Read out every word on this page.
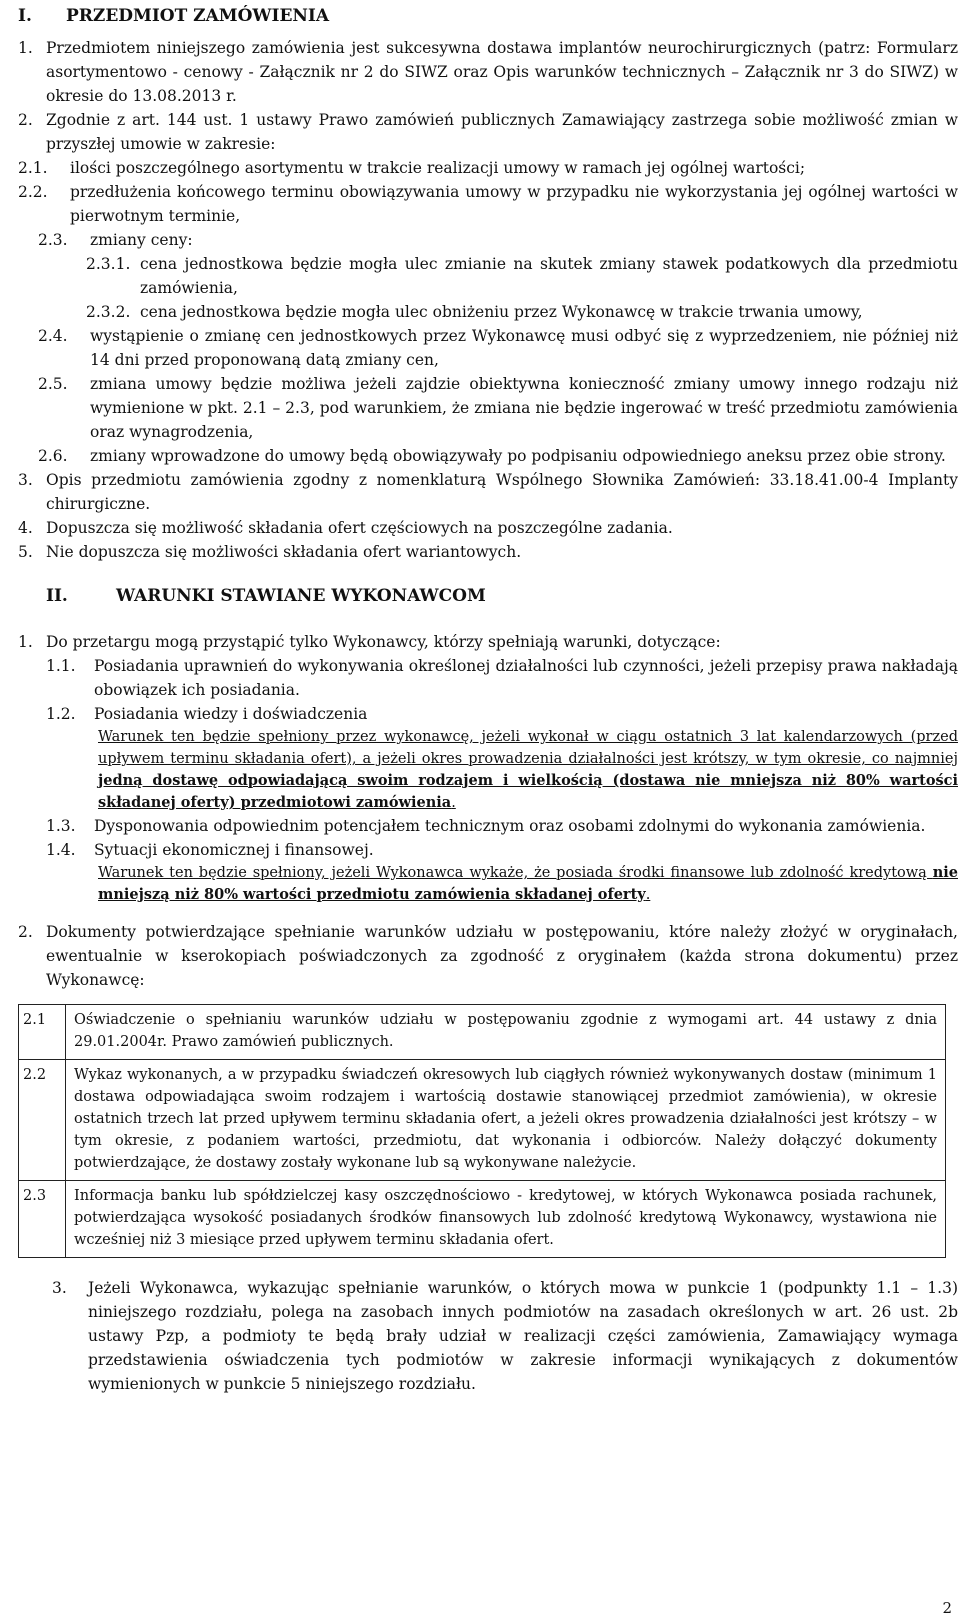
I. PRZEDMIOT ZAMÓWIENIA
1. Przedmiotem niniejszego zamówienia jest sukcesywna dostawa implantów neurochirurgicznych (patrz: Formularz asortymentowo - cenowy - Załącznik nr 2 do SIWZ oraz Opis warunków technicznych – Załącznik nr 3 do SIWZ) w okresie do 13.08.2013 r.
2. Zgodnie z art. 144 ust. 1 ustawy Prawo zamówień publicznych Zamawiający zastrzega sobie możliwość zmian w przyszłej umowie w zakresie:
2.1.	ilości poszczególnego asortymentu w trakcie realizacji umowy w ramach jej ogólnej wartości;
2.2.	przedłużenia końcowego terminu obowiązywania umowy w przypadku nie wykorzystania jej ogólnej wartości w pierwotnym terminie,
2.3.	zmiany ceny:
2.3.1. cena jednostkowa będzie mogła ulec zmianie na skutek zmiany stawek podatkowych dla przedmiotu zamówienia,
2.3.2. cena jednostkowa będzie mogła ulec obniżeniu przez Wykonawcę w trakcie trwania umowy,
2.4.	wystąpienie o zmianę cen jednostkowych przez Wykonawcę musi odbyć się z wyprzedzeniem, nie później niż 14 dni przed proponowaną datą zmiany cen,
2.5.	zmiana umowy będzie możliwa jeżeli zajdzie obiektywna konieczność zmiany umowy innego rodzaju niż wymienione w pkt. 2.1 – 2.3, pod warunkiem, że zmiana nie będzie ingerować w treść przedmiotu zamówienia oraz wynagrodzenia,
2.6.	zmiany wprowadzone do umowy będą obowiązywały po podpisaniu odpowiedniego aneksu przez obie strony.
3. Opis przedmiotu zamówienia zgodny z nomenklaturą Wspólnego Słownika Zamówień: 33.18.41.00-4 Implanty chirurgiczne.
4. Dopuszcza się możliwość składania ofert częściowych na poszczególne zadania.
5. Nie dopuszcza się możliwości składania ofert wariantowych.
II.	WARUNKI STAWIANE WYKONAWCOM
1. Do przetargu mogą przystąpić tylko Wykonawcy, którzy spełniają warunki, dotyczące:
1.1.	Posiadania uprawnień do wykonywania określonej działalności lub czynności, jeżeli przepisy prawa nakładają obowiązek ich posiadania.
1.2.	Posiadania wiedzy i doświadczenia
Warunek ten będzie spełniony przez wykonawcę, jeżeli wykonał w ciągu ostatnich 3 lat kalendarzowych (przed upływem terminu składania ofert), a jeżeli okres prowadzenia działalności jest krótszy, w tym okresie, co najmniej jedną dostawę odpowiadającą swoim rodzajem i wielkością (dostawa nie mniejsza niż 80% wartości składanej oferty) przedmiotowi zamówienia.
1.3.	Dysponowania odpowiednim potencjałem technicznym oraz osobami zdolnymi do wykonania zamówienia.
1.4.	Sytuacji ekonomicznej i finansowej.
Warunek ten będzie spełniony, jeżeli Wykonawca wykaże, że posiada środki finansowe lub zdolność kredytową nie mniejszą niż 80% wartości przedmiotu zamówienia składanej oferty.
2. Dokumenty potwierdzające spełnianie warunków udziału w postępowaniu, które należy złożyć w oryginałach, ewentualnie w kserokopiach poświadczonych za zgodność z oryginałem (każda strona dokumentu) przez Wykonawcę:
2.1	Oświadczenie o spełnianiu warunków udziału w postępowaniu zgodnie z wymogami art. 44 ustawy z dnia 29.01.2004r. Prawo zamówień publicznych.
2.2	Wykaz wykonanych, a w przypadku świadczeń okresowych lub ciągłych również wykonywanych dostaw (minimum 1 dostawa odpowiadająca swoim rodzajem i wartością dostawie stanowiącej przedmiot zamówienia), w okresie ostatnich trzech lat przed upływem terminu składania ofert, a jeżeli okres prowadzenia działalności jest krótszy – w tym okresie, z podaniem wartości, przedmiotu, dat wykonania i odbiorców. Należy dołączyć dokumenty potwierdzające, że dostawy zostały wykonane lub są wykonywane należycie.
2.3	Informacja banku lub spółdzielczej kasy oszczędnościowo - kredytowej, w których Wykonawca posiada rachunek, potwierdzająca wysokość posiadanych środków finansowych lub zdolność kredytową Wykonawcy, wystawiona nie wcześniej niż 3 miesiące przed upływem terminu składania ofert.
3.	Jeżeli Wykonawca, wykazując spełnianie warunków, o których mowa w punkcie 1 (podpunkty 1.1 – 1.3) niniejszego rozdziału, polega na zasobach innych podmiotów na zasadach określonych w art. 26 ust. 2b ustawy Pzp, a podmioty te będą brały udział w realizacji części zamówienia, Zamawiający wymaga przedstawienia oświadczenia tych podmiotów w zakresie informacji wynikających z dokumentów wymienionych w punkcie 5 niniejszego rozdziału.
2
